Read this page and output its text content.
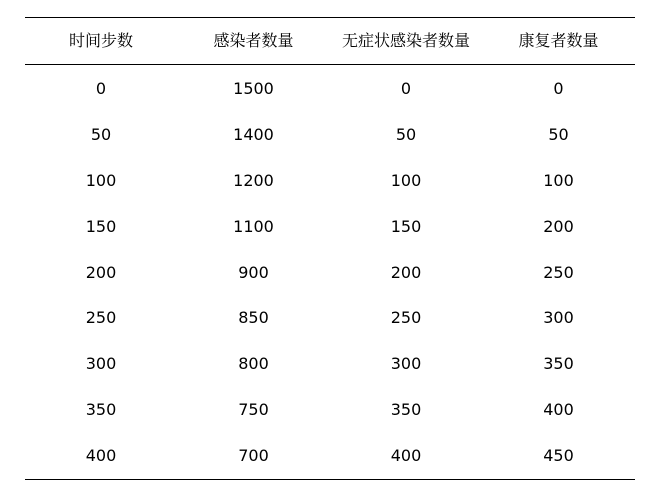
时间步数	感染者数量	无症状感染者数量	康复者数量
0	1500	0	0
50	1400	50	50
100	1200	100	100
150	1100	150	200
200	900	200	250
250	850	250	300
300	800	300	350
350	750	350	400
400	700	400	450
